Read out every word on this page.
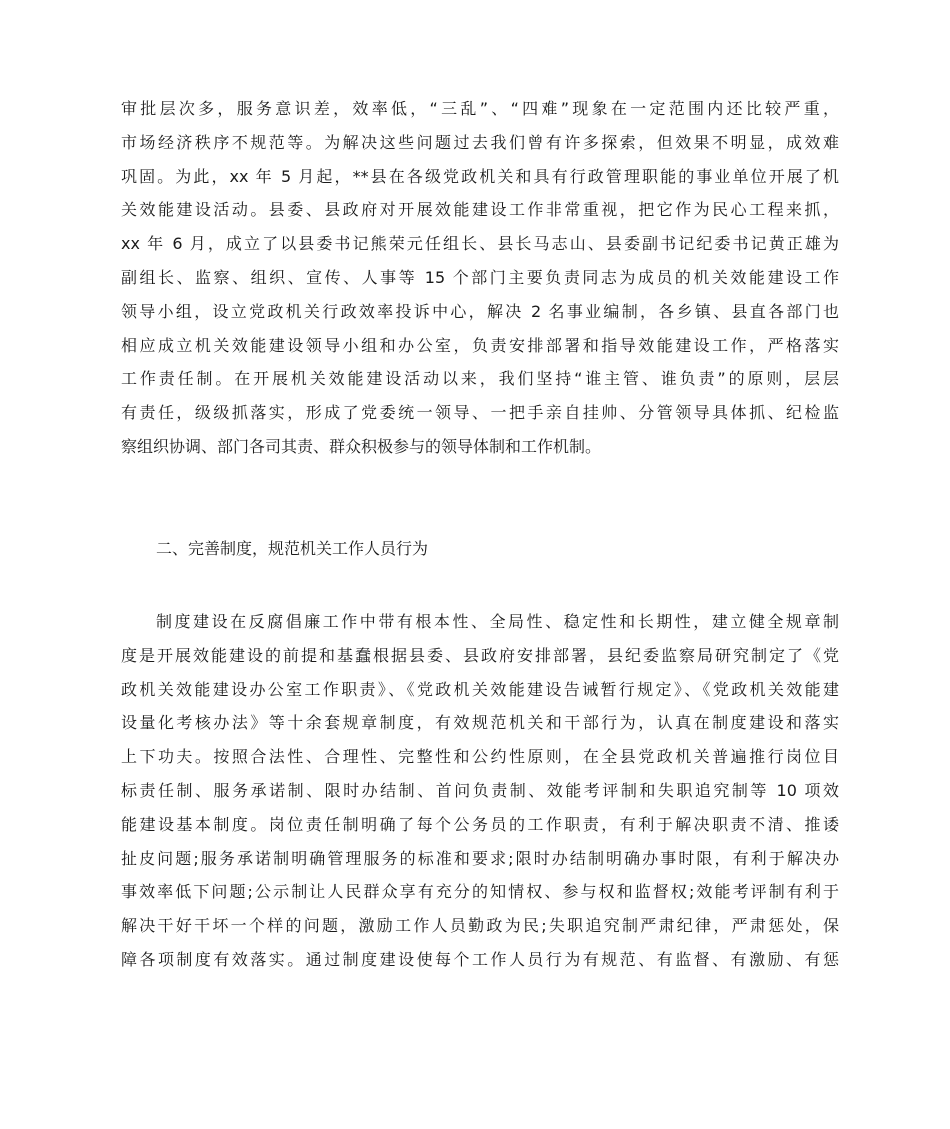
审批层次多，服务意识差，效率低，“三乱”、“四难”现象在一定范围内还比较严重，
市场经济秩序不规范等。为解决这些问题过去我们曾有许多探索，但效果不明显，成效难
巩固。为此，xx 年 5 月起，**县在各级党政机关和具有行政管理职能的事业单位开展了机
关效能建设活动。县委、县政府对开展效能建设工作非常重视，把它作为民心工程来抓，
xx 年 6 月，成立了以县委书记熊荣元任组长、县长马志山、县委副书记纪委书记黄正雄为
副组长、监察、组织、宣传、人事等 15 个部门主要负责同志为成员的机关效能建设工作
领导小组，设立党政机关行政效率投诉中心，解决 2 名事业编制，各乡镇、县直各部门也
相应成立机关效能建设领导小组和办公室，负责安排部署和指导效能建设工作，严格落实
工作责任制。在开展机关效能建设活动以来，我们坚持“谁主管、谁负责”的原则，层层
有责任，级级抓落实，形成了党委统一领导、一把手亲自挂帅、分管领导具体抓、纪检监
察组织协调、部门各司其责、群众积极参与的领导体制和工作机制。
二、完善制度，规范机关工作人员行为
制度建设在反腐倡廉工作中带有根本性、全局性、稳定性和长期性，建立健全规章制
度是开展效能建设的前提和基蠢根据县委、县政府安排部署，县纪委监察局研究制定了《党
政机关效能建设办公室工作职责》、《党政机关效能建设告诫暂行规定》、《党政机关效能建
设量化考核办法》等十余套规章制度，有效规范机关和干部行为，认真在制度建设和落实
上下功夫。按照合法性、合理性、完整性和公约性原则，在全县党政机关普遍推行岗位目
标责任制、服务承诺制、限时办结制、首问负责制、效能考评制和失职追究制等 10 项效
能建设基本制度。岗位责任制明确了每个公务员的工作职责，有利于解决职责不清、推诿
扯皮问题;服务承诺制明确管理服务的标准和要求;限时办结制明确办事时限，有利于解决办
事效率低下问题;公示制让人民群众享有充分的知情权、参与权和监督权;效能考评制有利于
解决干好干坏一个样的问题，激励工作人员勤政为民;失职追究制严肃纪律，严肃惩处，保
障各项制度有效落实。通过制度建设使每个工作人员行为有规范、有监督、有激励、有惩
